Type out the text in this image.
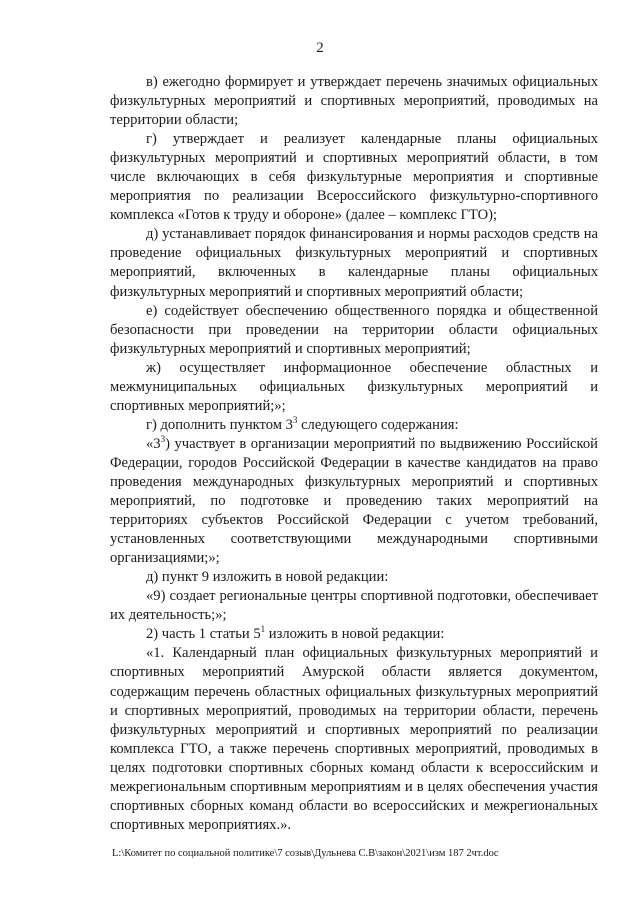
2

в) ежегодно формирует и утверждает перечень значимых официальных физкультурных мероприятий и спортивных мероприятий, проводимых на территории области;

г) утверждает и реализует календарные планы официальных физкультурных мероприятий и спортивных мероприятий области, в том числе включающих в себя физкультурные мероприятия и спортивные мероприятия по реализации Всероссийского физкультурно-спортивного комплекса «Готов к труду и обороне» (далее – комплекс ГТО);

д) устанавливает порядок финансирования и нормы расходов средств на проведение официальных физкультурных мероприятий и спортивных мероприятий, включенных в календарные планы официальных физкультурных мероприятий и спортивных мероприятий области;

е) содействует обеспечению общественного порядка и общественной безопасности при проведении на территории области официальных физкультурных мероприятий и спортивных мероприятий;

ж) осуществляет информационное обеспечение областных и межмуниципальных официальных физкультурных мероприятий и спортивных мероприятий;»;

г) дополнить пунктом $3^3$ следующего содержания:

«$3^3$) участвует в организации мероприятий по выдвижению Российской Федерации, городов Российской Федерации в качестве кандидатов на право проведения международных физкультурных мероприятий и спортивных мероприятий, по подготовке и проведению таких мероприятий на территориях субъектов Российской Федерации с учетом требований, установленных соответствующими международными спортивными организациями;»;

д) пункт 9 изложить в новой редакции:

«9) создает региональные центры спортивной подготовки, обеспечивает их деятельность;»;

2) часть 1 статьи $5^1$ изложить в новой редакции:

«1. Календарный план официальных физкультурных мероприятий и спортивных мероприятий Амурской области является документом, содержащим перечень областных официальных физкультурных мероприятий и спортивных мероприятий, проводимых на территории области, перечень физкультурных мероприятий и спортивных мероприятий по реализации комплекса ГТО, а также перечень спортивных мероприятий, проводимых в целях подготовки спортивных сборных команд области к всероссийским и межрегиональным спортивным мероприятиям и в целях обеспечения участия спортивных сборных команд области во всероссийских и межрегиональных спортивных мероприятиях.».

L:\Комитет по социальной политике\7 созыв\Дульнева С.В\закон\2021\изм 187 2чт.doc
